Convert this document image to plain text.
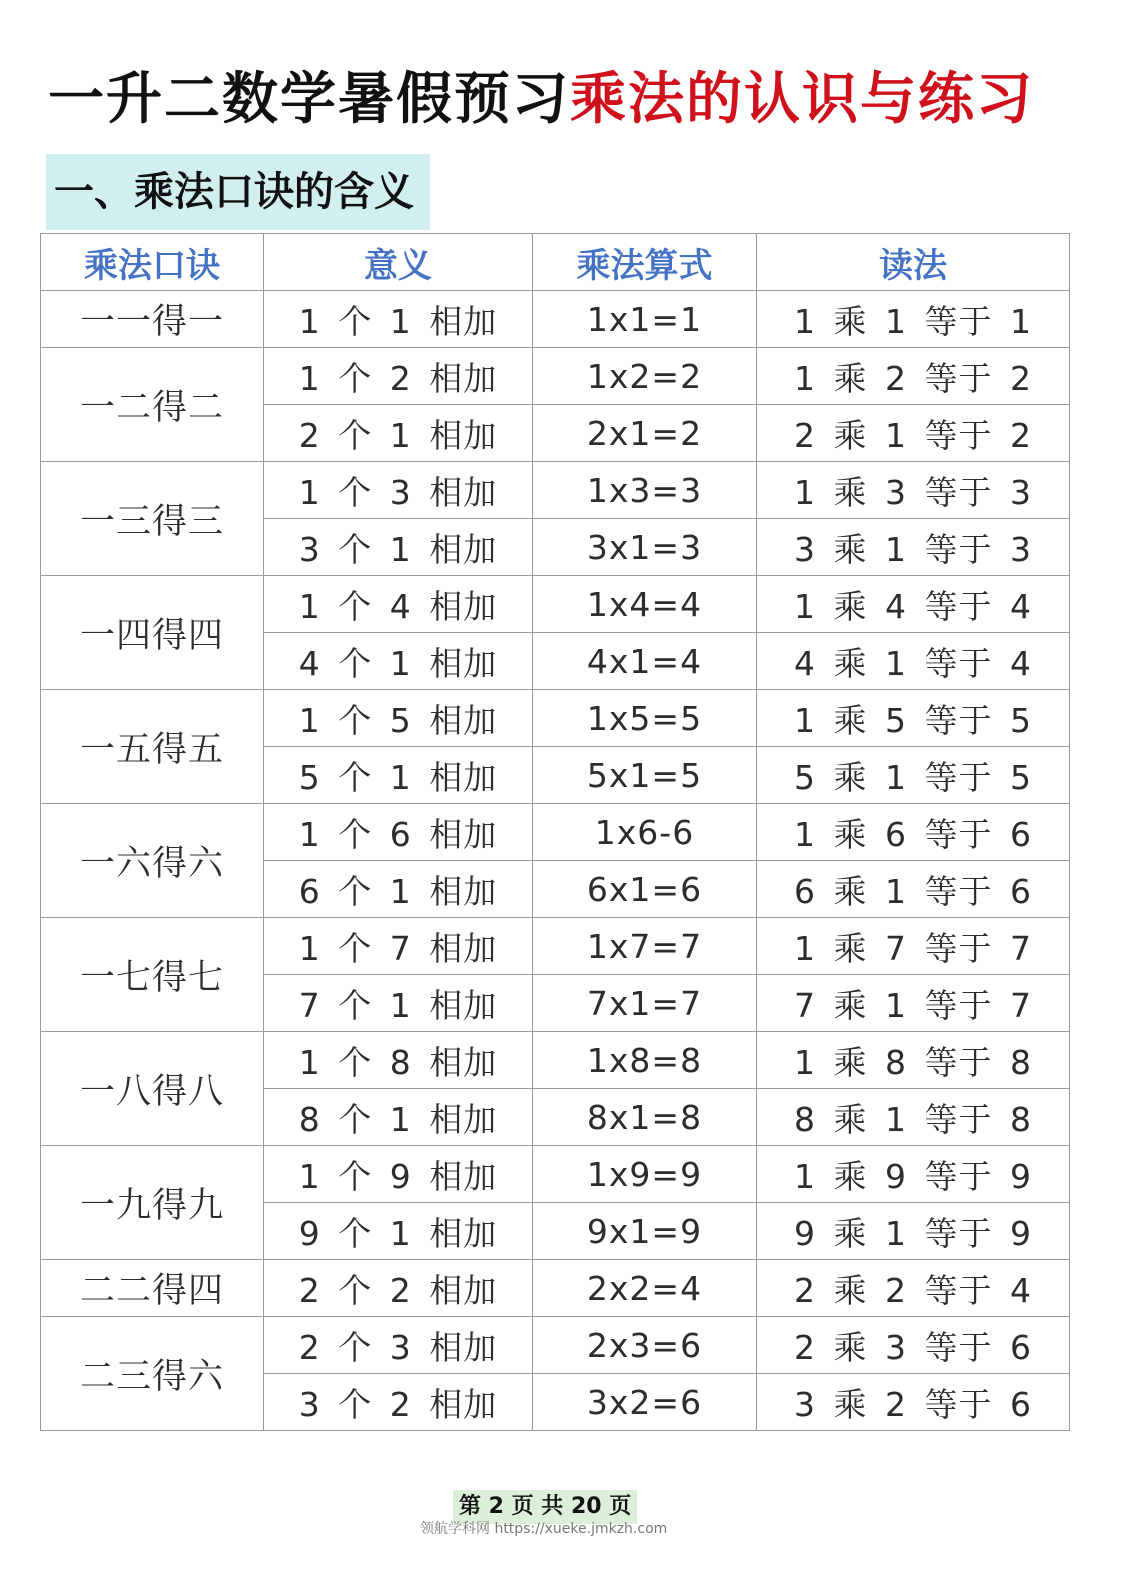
一升二数学暑假预习乘法的认识与练习
一、乘法口诀的含义
乘法口诀	意义	乘法算式	读法
一一得一	1 个 1 相加	1x1=1	1 乘 1 等于 1
一二得二	1 个 2 相加	1x2=2	1 乘 2 等于 2
	2 个 1 相加	2x1=2	2 乘 1 等于 2
一三得三	1 个 3 相加	1x3=3	1 乘 3 等于 3
	3 个 1 相加	3x1=3	3 乘 1 等于 3
一四得四	1 个 4 相加	1x4=4	1 乘 4 等于 4
	4 个 1 相加	4x1=4	4 乘 1 等于 4
一五得五	1 个 5 相加	1x5=5	1 乘 5 等于 5
	5 个 1 相加	5x1=5	5 乘 1 等于 5
一六得六	1 个 6 相加	1x6-6	1 乘 6 等于 6
	6 个 1 相加	6x1=6	6 乘 1 等于 6
一七得七	1 个 7 相加	1x7=7	1 乘 7 等于 7
	7 个 1 相加	7x1=7	7 乘 1 等于 7
一八得八	1 个 8 相加	1x8=8	1 乘 8 等于 8
	8 个 1 相加	8x1=8	8 乘 1 等于 8
一九得九	1 个 9 相加	1x9=9	1 乘 9 等于 9
	9 个 1 相加	9x1=9	9 乘 1 等于 9
二二得四	2 个 2 相加	2x2=4	2 乘 2 等于 4
二三得六	2 个 3 相加	2x3=6	2 乘 3 等于 6
	3 个 2 相加	3x2=6	3 乘 2 等于 6
第 2 页 共 20 页
领航学科网 https://xueke.jmkzh.com
